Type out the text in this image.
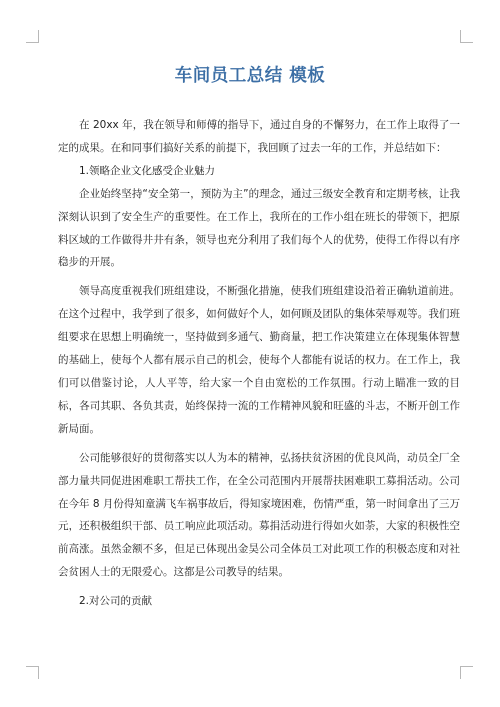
车间员工总结 模板

在 20xx 年，我在领导和师傅的指导下，通过自身的不懈努力，在工作上取得了一定的成果。在和同事们搞好关系的前提下，我回顾了过去一年的工作，并总结如下：

1.领略企业文化感受企业魅力

企业始终坚持“安全第一，预防为主”的理念，通过三级安全教育和定期考核，让我深刻认识到了安全生产的重要性。在工作上，我所在的工作小组在班长的带领下，把原料区域的工作做得井井有条，领导也充分利用了我们每个人的优势，使得工作得以有序稳步的开展。

领导高度重视我们班组建设，不断强化措施，使我们班组建设沿着正确轨道前进。在这个过程中，我学到了很多，如何做好个人，如何顾及团队的集体荣辱观等。我们班组要求在思想上明确统一，坚持做到多通气、勤商量，把工作决策建立在体现集体智慧的基础上，使每个人都有展示自己的机会，使每个人都能有说话的权力。在工作上，我们可以借鉴讨论，人人平等，给大家一个自由宽松的工作氛围。行动上瞄准一致的目标，各司其职、各负其责，始终保持一流的工作精神风貌和旺盛的斗志，不断开创工作新局面。

公司能够很好的贯彻落实以人为本的精神，弘扬扶贫济困的优良风尚，动员全厂全部力量共同促进困难职工帮扶工作，在全公司范围内开展帮扶困难职工募捐活动。公司在今年 8 月份得知童满飞车祸事故后，得知家境困难，伤情严重，第一时间拿出了三万元，还积极组织干部、员工响应此项活动。募捐活动进行得如火如荼，大家的积极性空前高涨。虽然金额不多，但足已体现出金昊公司全体员工对此项工作的积极态度和对社会贫困人士的无限爱心。这都是公司教导的结果。

2.对公司的贡献
